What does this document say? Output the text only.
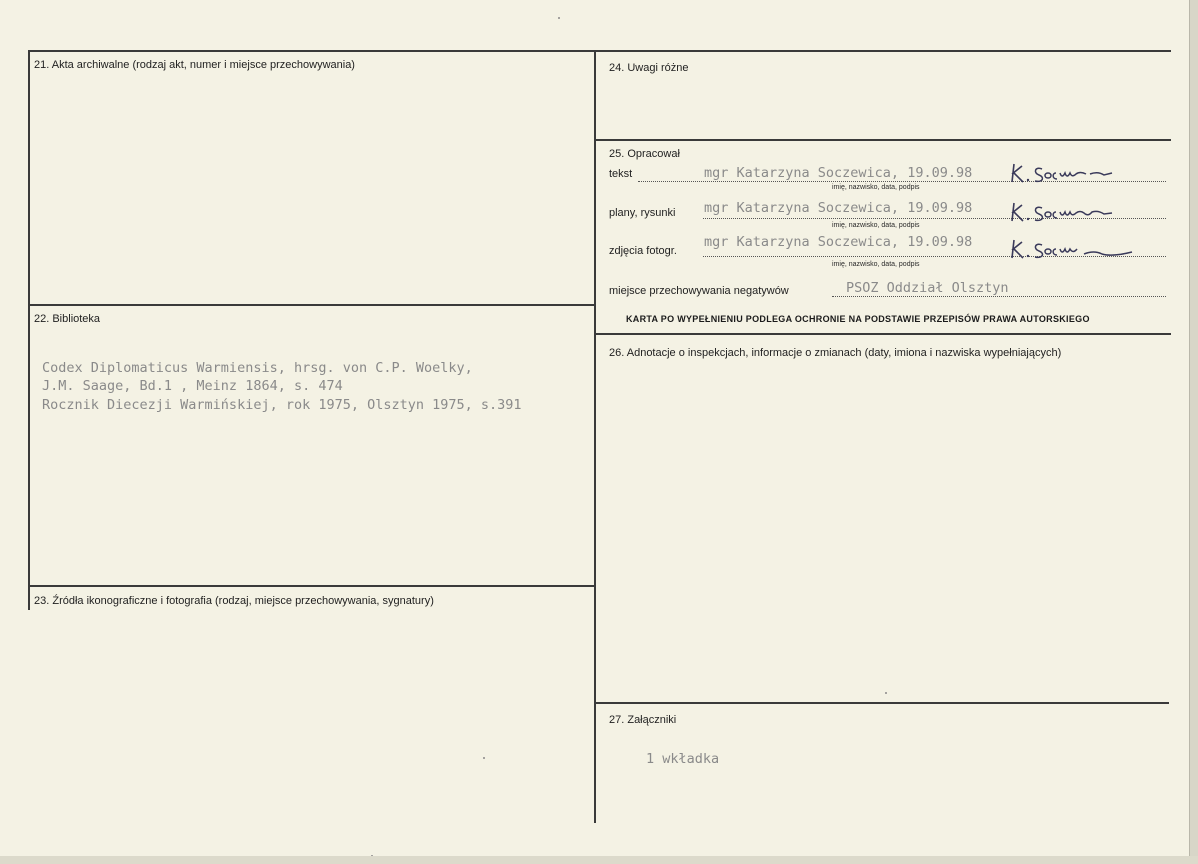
21. Akta archiwalne (rodzaj akt, numer i miejsce przechowywania)
22. Biblioteka
Codex Diplomaticus Warmiensis, hrsg. von C.P. Woelky,
J.M. Saage, Bd.1 , Meinz 1864, s. 474
Rocznik Diecezji Warmińskiej, rok 1975, Olsztyn 1975, s.391
23. Źródła ikonograficzne i fotografia (rodzaj, miejsce przechowywania, sygnatury)
24. Uwagi różne
25. Opracował
tekst	mgr Katarzyna Soczewica, 19.09.98
imię, nazwisko, data, podpis
plany, rysunki mgr Katarzyna Soczewica, 19.09.98
imię, nazwisko, data, podpis
zdjęcia fotogr.
mgr Katarzyna Soczewica, 19.09.98
imię, nazwisko, data, podpis
miejsce przechowywania negatywów	PSOZ Oddział Olsztyn
KARTA PO WYPEŁNIENIU PODLEGA OCHRONIE NA PODSTAWIE PRZEPISÓW PRAWA AUTORSKIEGO
26. Adnotacje o inspekcjach, informacje o zmianach (daty, imiona i nazwiska wypełniających)
27. Załączniki
1 wkładka
